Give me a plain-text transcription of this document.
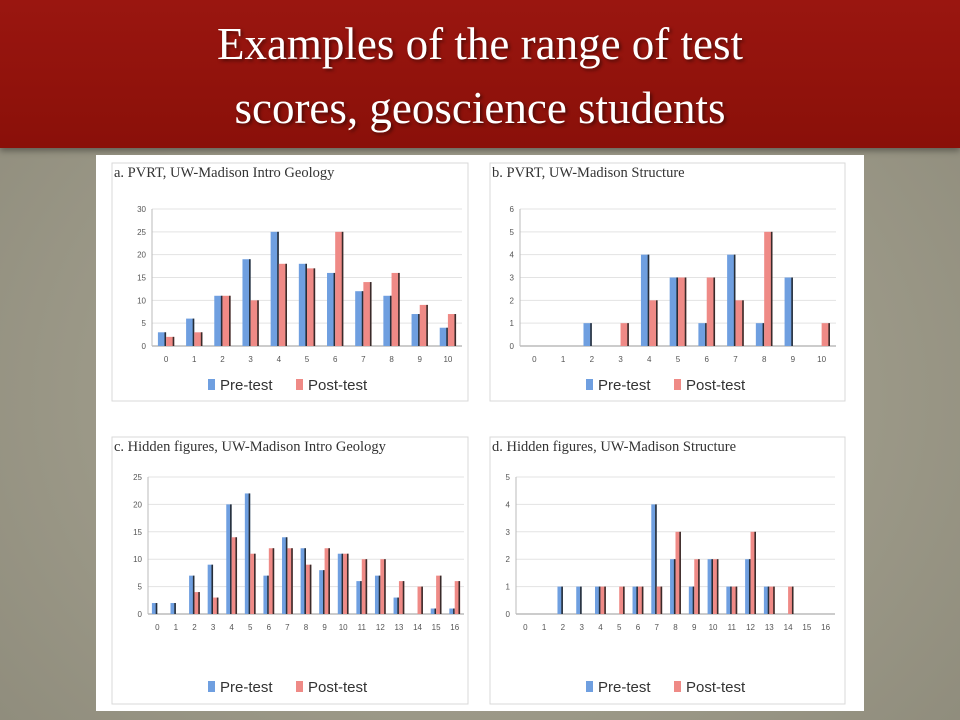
Examples of the range of test
scores, geoscience students
a. PVRT, UW-Madison Intro Geology
0
5
10
15
20
25
30
0	1	2	3	4	5	6	7	8	9	10
Pre-test Post-test
b. PVRT, UW-Madison Structure
0
1
2
3
4
5
6
0	1	2	3	4	5	6	7	8	9	10
Pre-test Post-test
c. Hidden figures, UW-Madison Intro Geology
0
5
10
15
20
25
0 1 2 3 4 5 6 7 8 9 10 11 12 13 14 15 16
Pre-test Post-test
d. Hidden figures, UW-Madison Structure
0
1
2
3
4
5
0 1 2 3 4 5 6 7 8 9 10 11 12 13 14 15 16
Pre-test Post-test
